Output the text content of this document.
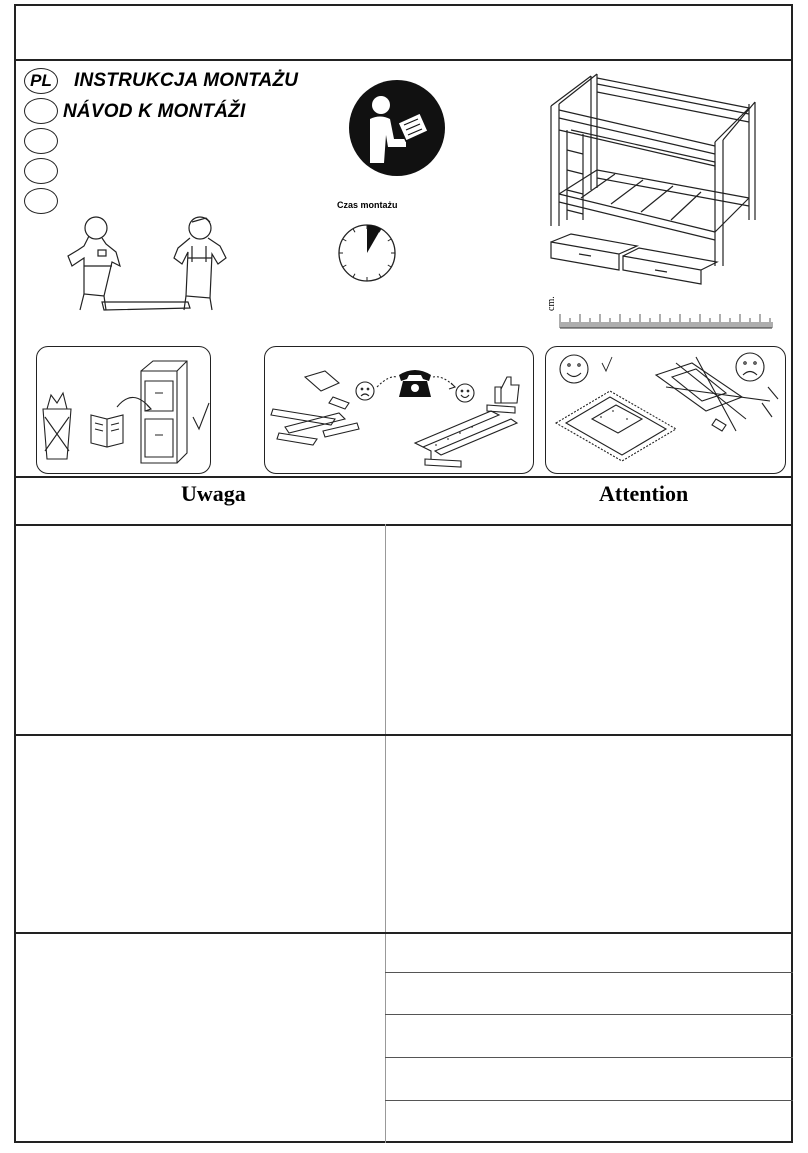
PL INSTRUKCJA MONTAŻU
NÁVOD K MONTÁŽI
Czas montażu
cm.
Uwaga	Attention
